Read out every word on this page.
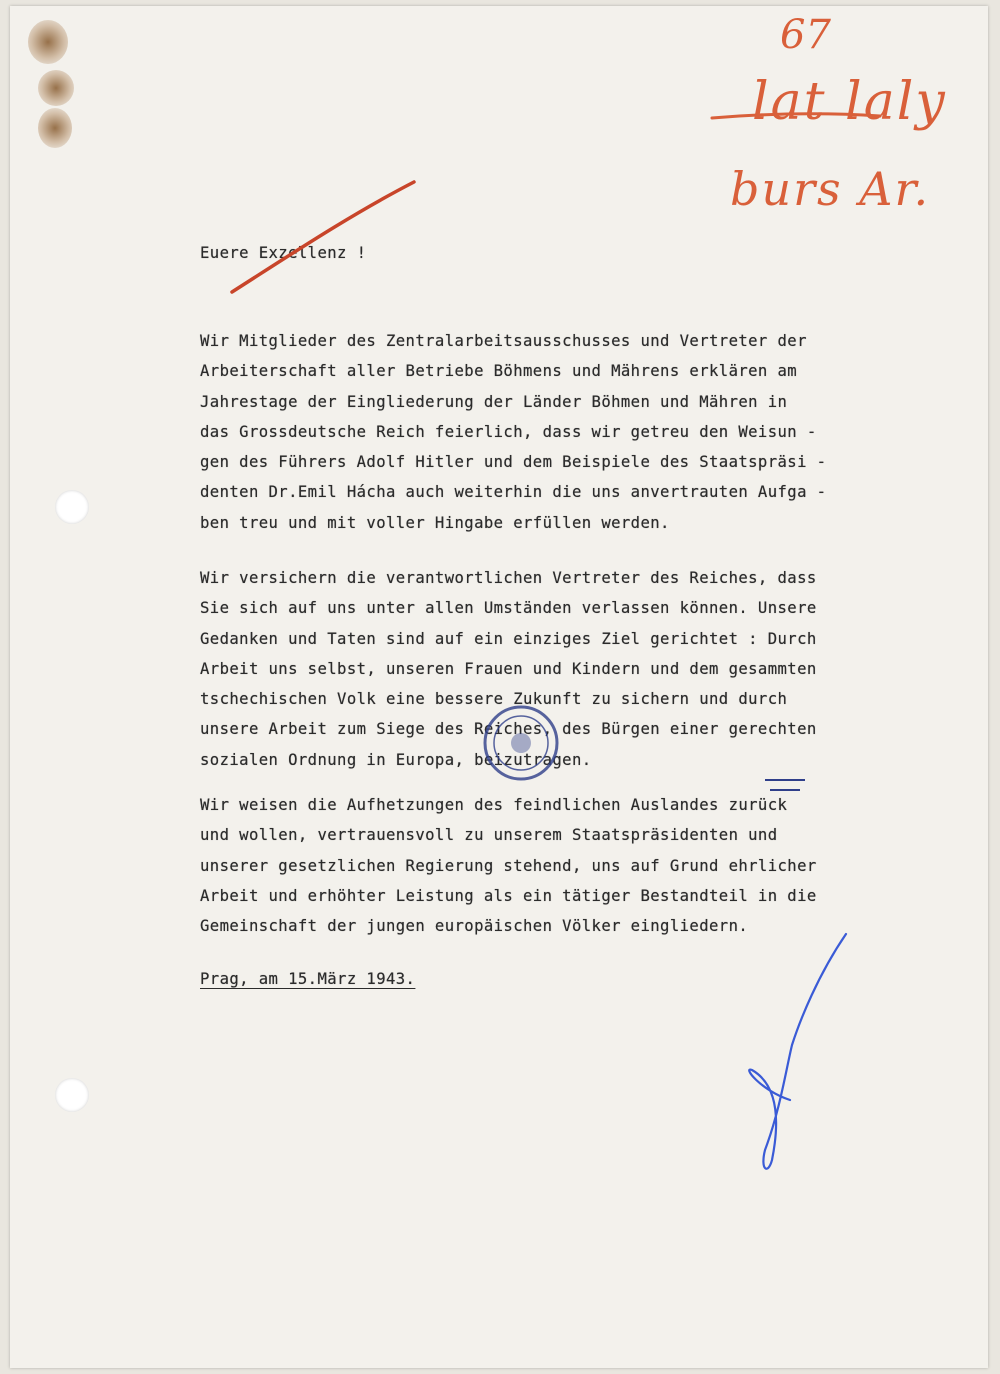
67
lat laly
burs Ar.

Euere Exzellenz !

Wir Mitglieder des Zentralarbeitsausschusses und Vertreter der
Arbeiterschaft aller Betriebe Böhmens und Mährens erklären am
Jahrestage der Eingliederung der Länder Böhmen und Mähren in
das Grossdeutsche Reich feierlich, dass wir getreu den Weisun -
gen des Führers Adolf Hitler und dem Beispiele des Staatspräsi -
denten Dr.Emil Hácha auch weiterhin die uns anvertrauten Aufga -
ben treu und mit voller Hingabe erfüllen werden.

Wir versichern die verantwortlichen Vertreter des Reiches, dass
Sie sich auf uns unter allen Umständen verlassen können. Unsere
Gedanken und Taten sind auf ein einziges Ziel gerichtet : Durch
Arbeit uns selbst, unseren Frauen und Kindern und dem gesammten
tschechischen Volk eine bessere Zukunft zu sichern und durch
unsere Arbeit zum Siege des Reiches, des Bürgen einer gerechten
sozialen Ordnung in Europa, beizutragen.

Wir weisen die Aufhetzungen des feindlichen Auslandes zurück
und wollen, vertrauensvoll zu unserem Staatspräsidenten und
unserer gesetzlichen Regierung stehend, uns auf Grund ehrlicher
Arbeit und erhöhter Leistung als ein tätiger Bestandteil in die
Gemeinschaft der jungen europäischen Völker eingliedern.

Prag, am 15.März 1943.
